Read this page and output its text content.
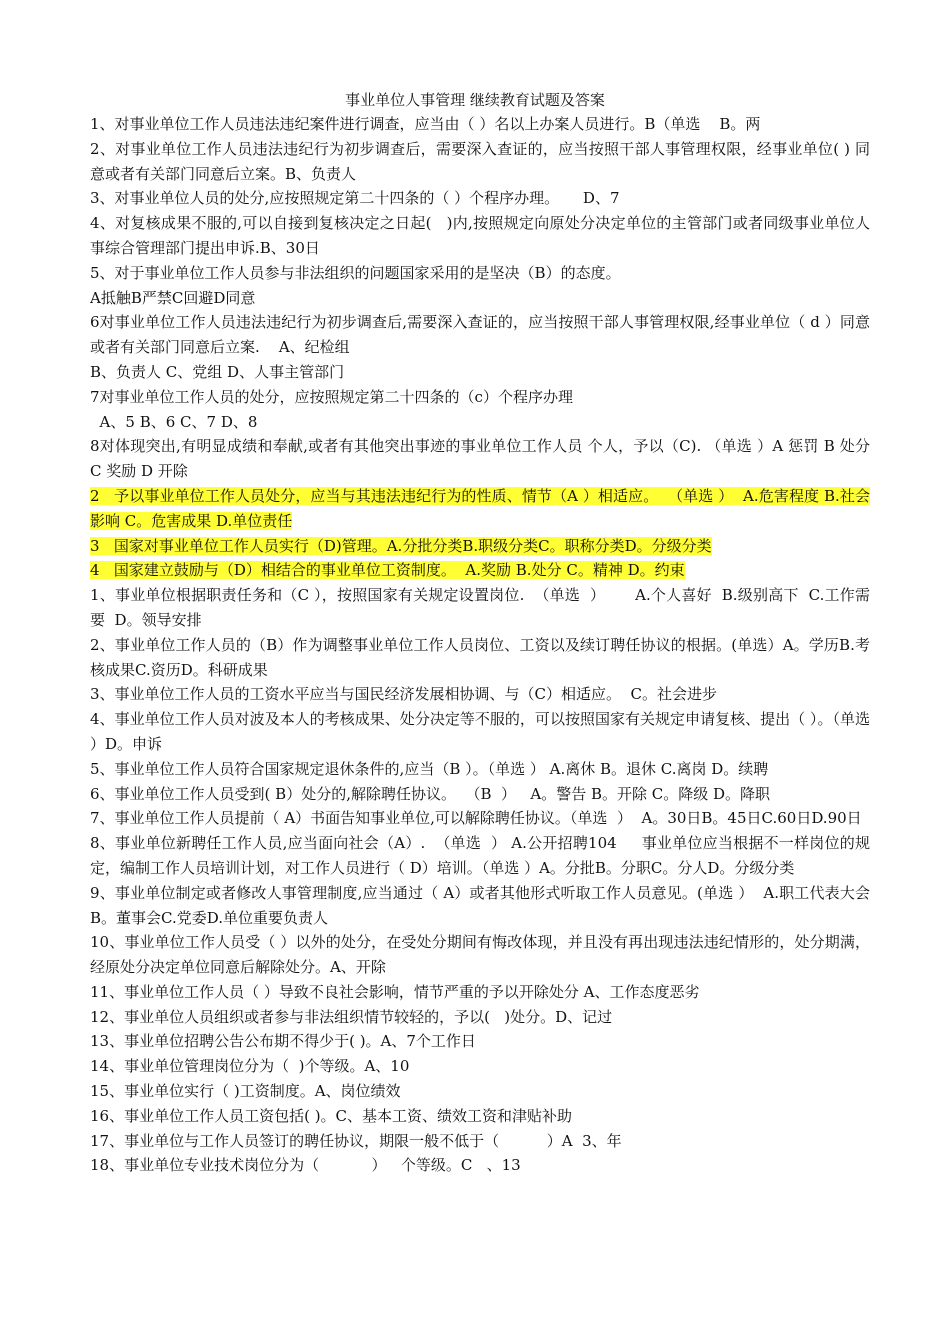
事业单位人事管理 继续教育试题及答案

1、对事业单位工作人员违法违纪案件进行调查，应当由（ ）名以上办案人员进行。B（单选    B。两

2、对事业单位工作人员违法违纪行为初步调查后，需要深入查证的，应当按照干部人事管理权限，经事业单位( ) 同意或者有关部门同意后立案。B、负责人

3、对事业单位人员的处分,应按照规定第二十四条的（ ）个程序办理。     D、7

4、对复核成果不服的,可以自接到复核决定之日起(   )内,按照规定向原处分决定单位的主管部门或者同级事业单位人事综合管理部门提出申诉.B、30日

5、对于事业单位工作人员参与非法组织的问题国家采用的是坚决（B）的态度。

A抵触B严禁C回避D同意

6对事业单位工作人员违法违纪行为初步调查后,需要深入查证的，应当按照干部人事管理权限,经事业单位（ d ）同意或者有关部门同意后立案.    A、纪检组

B、负责人 C、党组 D、人事主管部门

7对事业单位工作人员的处分，应按照规定第二十四条的（c）个程序办理

A、5 B、6 C、7 D、8

8对体现突出,有明显成绩和奉献,或者有其他突出事迹的事业单位工作人员 个人，予以（C). （单选 ）A 惩罚 B 处分 C 奖励 D 开除

2   予以事业单位工作人员处分，应当与其违法违纪行为的性质、情节（A ）相适应。  （单选 ）  A.危害程度 B.社会影响 C。危害成果 D.单位责任

3   国家对事业单位工作人员实行（D)管理。A.分批分类B.职级分类C。职称分类D。分级分类

4   国家建立鼓励与（D）相结合的事业单位工资制度。  A.奖励 B.处分 C。精神 D。约束

1、事业单位根据职责任务和（C ），按照国家有关规定设置岗位.  （单选  ）      A.个人喜好  B.级别高下  C.工作需要  D。领导安排

2、事业单位工作人员的（B）作为调整事业单位工作人员岗位、工资以及续订聘任协议的根据。(单选）A。学历B.考核成果C.资历D。科研成果

3、事业单位工作人员的工资水平应当与国民经济发展相协调、与（C）相适应。  C。社会进步

4、事业单位工作人员对波及本人的考核成果、处分决定等不服的，可以按照国家有关规定申请复核、提出（ ）。（单选 ）D。申诉

5、事业单位工作人员符合国家规定退休条件的,应当（B ）。（单选 ） A.离休 B。退休 C.离岗 D。续聘

6、事业单位工作人员受到( B）处分的,解除聘任协议。  （B  ）   A。警告 B。开除 C。降级 D。降职

7、事业单位工作人员提前（ A）书面告知事业单位,可以解除聘任协议。（单选  ）  A。30日B。45日C.60日D.90日

8、事业单位新聘任工作人员,应当面向社会（A）.  （单选  ） A.公开招聘104     事业单位应当根据不一样岗位的规定，编制工作人员培训计划，对工作人员进行（ D）培训。（单选 ）A。分批B。分职C。分人D。分级分类

9、事业单位制定或者修改人事管理制度,应当通过（ A）或者其他形式听取工作人员意见。(单选 ）  A.职工代表大会B。董事会C.党委D.单位重要负责人

10、事业单位工作人员受（ ）以外的处分，在受处分期间有悔改体现，并且没有再出现违法违纪情形的，处分期满，经原处分决定单位同意后解除处分。A、开除

11、事业单位工作人员（ ）导致不良社会影响，情节严重的予以开除处分 A、工作态度恶劣

12、事业单位人员组织或者参与非法组织情节较轻的，予以(   )处分。D、记过

13、事业单位招聘公告公布期不得少于( )。A、7个工作日

14、事业单位管理岗位分为（  )个等级。A、10

15、事业单位实行（ )工资制度。A、岗位绩效

16、事业单位工作人员工资包括( )。C、基本工资、绩效工资和津贴补助

17、事业单位与工作人员签订的聘任协议，期限一般不低于（          ）A  3、年

18、事业单位专业技术岗位分为（           ）   个等级。C   、13
